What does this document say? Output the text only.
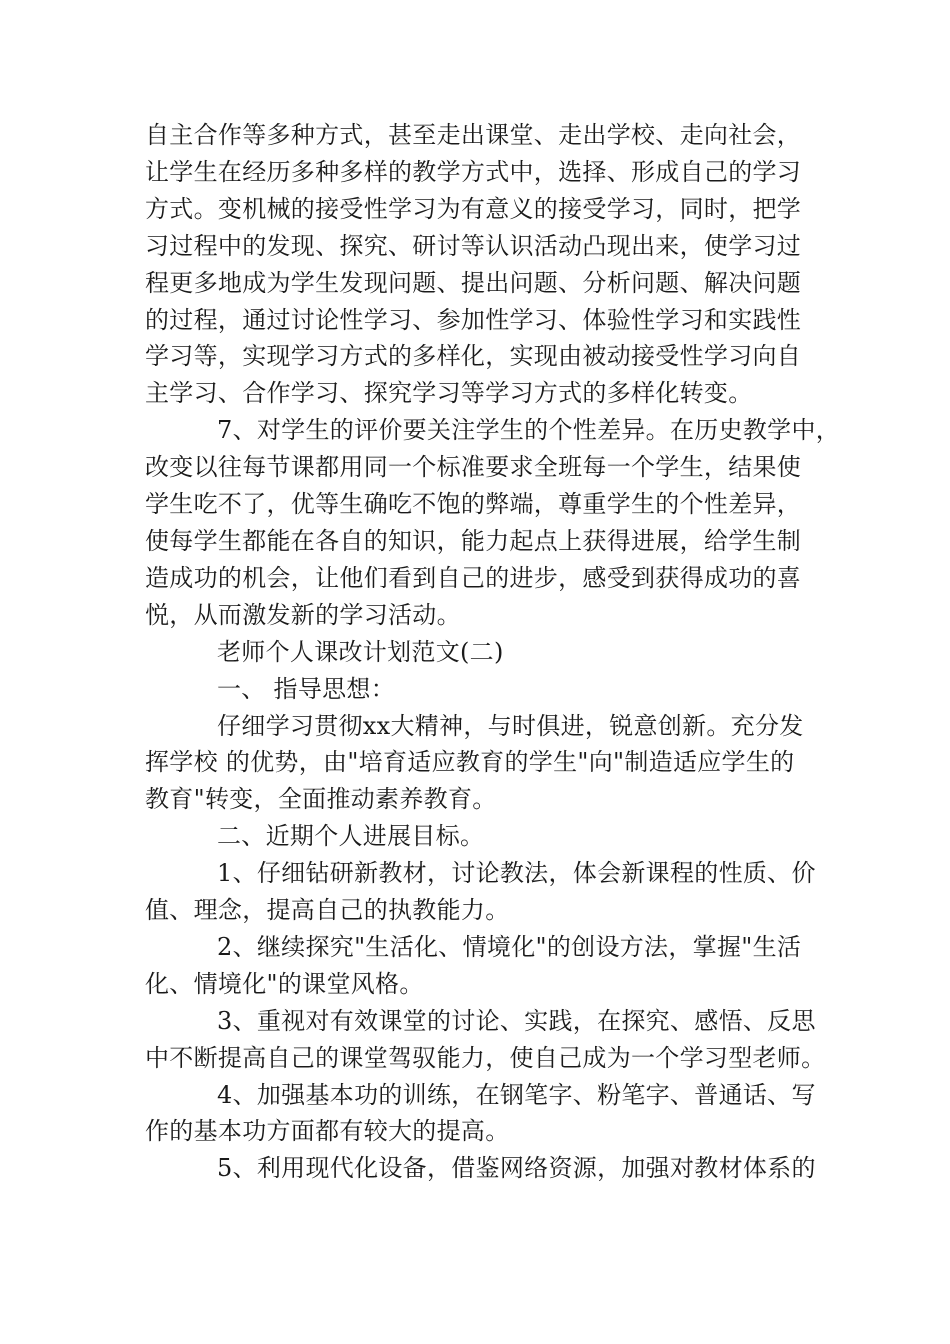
自主合作等多种方式，甚至走出课堂、走出学校、走向社会，
让学生在经历多种多样的教学方式中，选择、形成自己的学习
方式。变机械的接受性学习为有意义的接受学习，同时，把学
习过程中的发现、探究、研讨等认识活动凸现出来，使学习过
程更多地成为学生发现问题、提出问题、分析问题、解决问题
的过程，通过讨论性学习、参加性学习、体验性学习和实践性
学习等，实现学习方式的多样化，实现由被动接受性学习向自
主学习、合作学习、探究学习等学习方式的多样化转变。

7、对学生的评价要关注学生的个性差异。在历史教学中，
改变以往每节课都用同一个标准要求全班每一个学生，结果使
学生吃不了，优等生确吃不饱的弊端，尊重学生的个性差异，
使每学生都能在各自的知识，能力起点上获得进展，给学生制
造成功的机会，让他们看到自己的进步，感受到获得成功的喜
悦，从而激发新的学习活动。

老师个人课改计划范文(二)

一、 指导思想：

仔细学习贯彻xx大精神，与时俱进，锐意创新。充分发
挥学校 的优势，由"培育适应教育的学生"向"制造适应学生的
教育"转变，全面推动素养教育。

二、近期个人进展目标。

1、仔细钻研新教材，讨论教法，体会新课程的性质、价
值、理念，提高自己的执教能力。

2、继续探究"生活化、情境化"的创设方法，掌握"生活
化、情境化"的课堂风格。

3、重视对有效课堂的讨论、实践，在探究、感悟、反思
中不断提高自己的课堂驾驭能力，使自己成为一个学习型老师。

4、加强基本功的训练，在钢笔字、粉笔字、普通话、写
作的基本功方面都有较大的提高。

5、利用现代化设备，借鉴网络资源，加强对教材体系的
